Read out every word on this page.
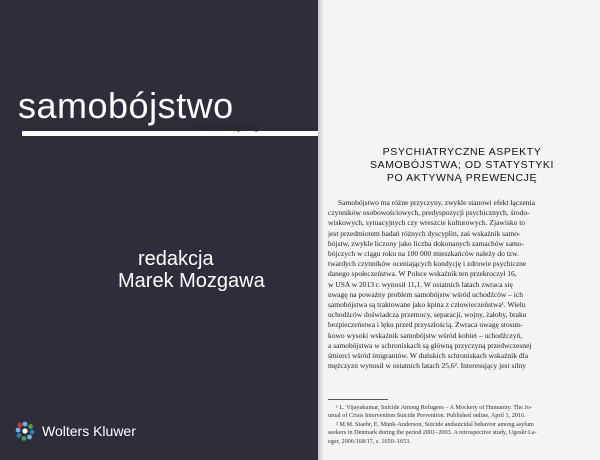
samobójstwo
redakcja
Marek Mozgawa
Wolters Kluwer
Marcin Olajossy
PSYCHIATRYCZNE ASPEKTY
SAMOBÓJSTWA; OD STATYSTYKI
PO AKTYWNĄ PREWENCJĘ
Samobójstwo ma różne przyczyny, zwykle stanowi efekt łączenia
czynników osobowościowych, predyspozycji psychicznych, środo-
wiskowych, sytuacyjnych czy wreszcie kulturowych. Zjawisko to
jest przedmiotem badań różnych dyscyplin, zaś wskaźnik samo-
bójstw, zwykle liczony jako liczba dokonanych zamachów samo-
bójczych w ciągu roku na 100 000 mieszkańców należy do tzw.
twardych czynników oceniających kondycję i zdrowie psychiczne
danego społeczeństwa. W Polsce wskaźnik ten przekroczył 16,
w USA w 2013 r. wynosił 11,1. W ostatnich latach zwraca się
uwagę na poważny problem samobójstw wśród uchodźców – ich
samobójstwa są traktowane jako kpina z człowieczeństwa¹. Wielu
uchodźców doświadcza przemocy, separacji, wojny, żałoby, braku
bezpieczeństwa i lęku przed przyszłością. Zwraca uwagę stosun-
kowo wysoki wskaźnik samobójstw wśród kobiet – uchodźczyń,
a samobójstwa w schroniskach są główną przyczyną przedwczesnej
śmierci wśród imigrantów. W duńskich schroniskach wskaźnik dla
mężczyzn wynosił w ostatnich latach 25,6². Interesujący jest silny
¹ L. Vijayakumar, Suicide Among Refugees – A Mockery of Humanity. The Jo-
urnal of Crisis Intervention Suicide Prevention. Published online, April 1, 2016.
² M.M. Staehr, E. Munk-Anderson, Suicide andsuicidal behavior among asylum
seekers in Denmark during the period 2001–2003. A retrospective study, Ugeskr La-
eger, 2006/168/17, s. 1650–1653.
